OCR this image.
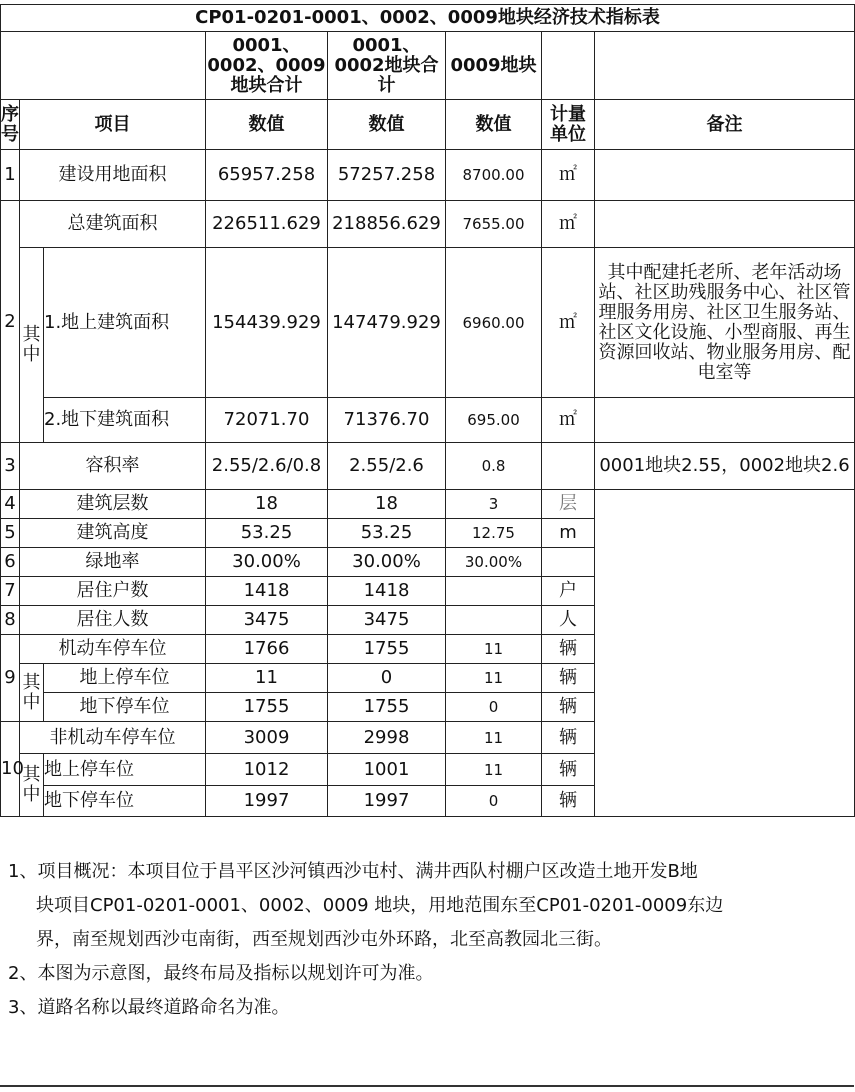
CP01-0201-0001、0002、0009地块经济技术指标表							
			0001、0002、0009地块合计	0001、0002地块合计	0009地块		
序号	项目		数值	数值	数值	计量单位	备注
1	建设用地面积		65957.258	57257.258	8700.00	㎡	
2	总建筑面积		226511.629	218856.629	7655.00	㎡	
	其中	1.地上建筑面积	154439.929	147479.929	6960.00	㎡	其中配建托老所、老年活动场站、社区助残服务中心、社区管理服务用房、社区卫生服务站、社区文化设施、小型商服、再生资源回收站、物业服务用房、配电室等
		2.地下建筑面积	72071.70	71376.70	695.00	㎡	
3	容积率		2.55/2.6/0.8	2.55/2.6	0.8		0001地块2.55，0002地块2.6
4	建筑层数		18	18	3	层	
5	建筑高度		53.25	53.25	12.75	m	
6	绿地率		30.00%	30.00%	30.00%		
7	居住户数		1418	1418		户	
8	居住人数		3475	3475		人	
9	机动车停车位		1766	1755	11	辆	
	其中	地上停车位	11	0	11	辆	
		地下停车位	1755	1755	0	辆	
10	非机动车停车位		3009	2998	11	辆	
	其中	地上停车位	1012	1001	11	辆	
		地下停车位	1997	1997	0	辆	

1、项目概况：本项目位于昌平区沙河镇西沙屯村、满井西队村棚户区改造土地开发B地

块项目CP01-0201-0001、0002、0009 地块，用地范围东至CP01-0201-0009东边

界，南至规划西沙屯南街，西至规划西沙屯外环路，北至高教园北三街。

2、本图为示意图，最终布局及指标以规划许可为准。

3、道路名称以最终道路命名为准。
